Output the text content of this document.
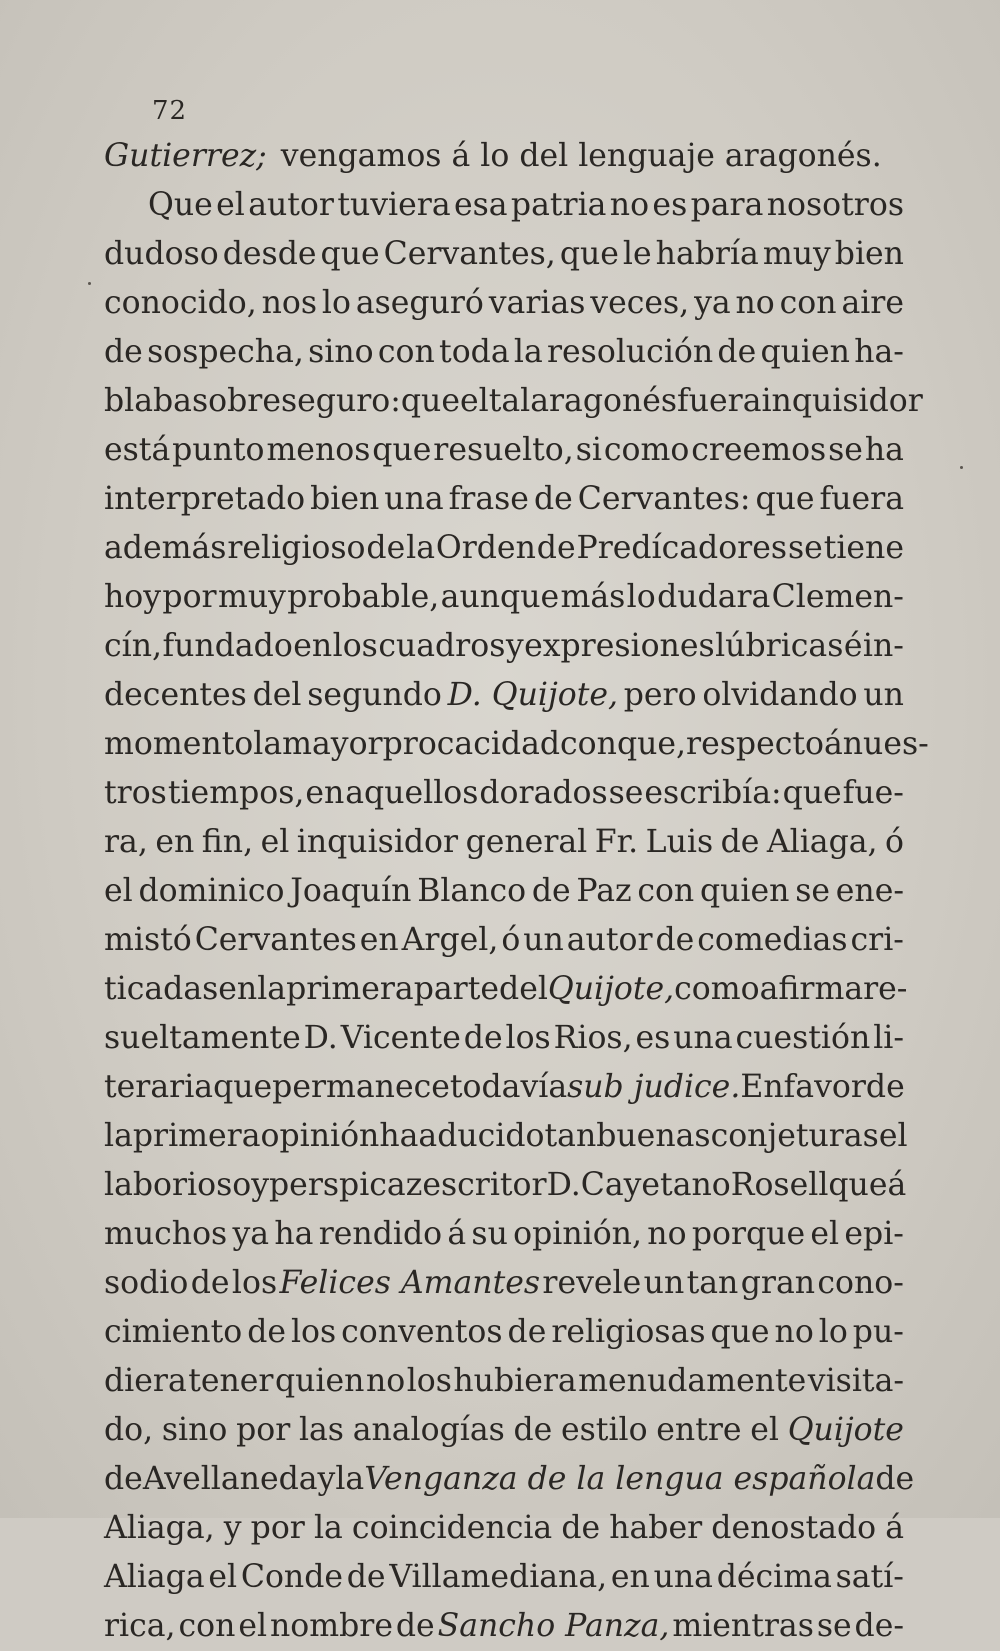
72
Gutierrez; vengamos á lo del lenguaje aragonés.
Que el autor tuviera esa patria no es para nosotros
dudoso desde que Cervantes, que le habría muy bien
conocido, nos lo aseguró varias veces, ya no con aire
de sospecha, sino con toda la resolución de quien ha-
blaba sobre seguro: que el tal aragonés fuera inquisidor
está punto menos que resuelto, si como creemos se ha
interpretado bien una frase de Cervantes: que fuera
además religioso de la Orden de Predícadores se tiene
hoy por muy probable, aunque más lo dudara Clemen-
cín, fundado en los cuadros y expresiones lúbricas é in-
decentes del segundo D. Quijote, pero olvidando un
momento la mayor procacidad con que, respecto á nues-
tros tiempos, en aquellos dorados se escribía: que fue-
ra, en fin, el inquisidor general Fr. Luis de Aliaga, ó
el dominico Joaquín Blanco de Paz con quien se ene-
mistó Cervantes en Argel, ó un autor de comedias cri-
ticadas en la primera parte del Quijote, como afirma re-
sueltamente D. Vicente de los Rios, es una cuestión li-
teraria que permanece todavía sub judice. En favor de
la primera opinión ha aducido tan buenas conjeturas el
laborioso y perspicaz escritor D. Cayetano Rosell que á
muchos ya ha rendido á su opinión, no porque el epi-
sodio de los Felices Amantes revele un tan gran cono-
cimiento de los conventos de religiosas que no lo pu-
diera tener quien no los hubiera menudamente visita-
do, sino por las analogías de estilo entre el Quijote
de Avellaneda y la Venganza de la lengua española de
Aliaga, y por la coincidencia de haber denostado á
Aliaga el Conde de Villamediana, en una décima satí-
rica, con el nombre de Sancho Panza, mientras se de-
